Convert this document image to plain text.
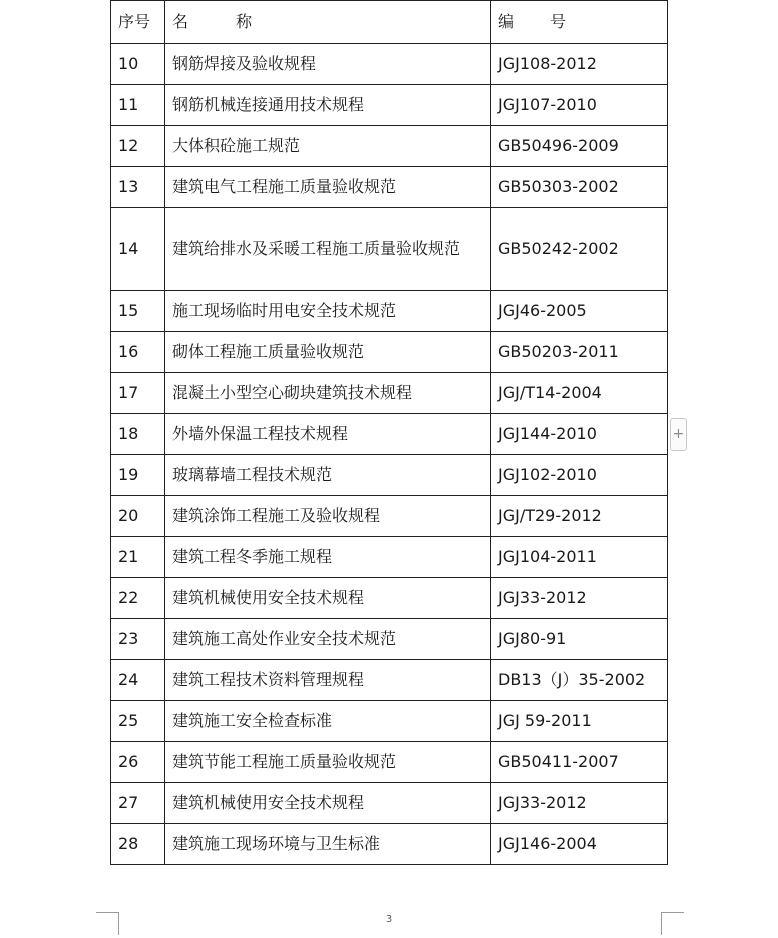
序号	名 称	编 号
10	钢筋焊接及验收规程	JGJ108-2012
11	钢筋机械连接通用技术规程	JGJ107-2010
12	大体积砼施工规范	GB50496-2009
13	建筑电气工程施工质量验收规范	GB50303-2002
14	建筑给排水及采暖工程施工质量验收规范	GB50242-2002
15	施工现场临时用电安全技术规范	JGJ46-2005
16	砌体工程施工质量验收规范	GB50203-2011
17	混凝土小型空心砌块建筑技术规程	JGJ/T14-2004
18	外墙外保温工程技术规程	JGJ144-2010
19	玻璃幕墙工程技术规范	JGJ102-2010
20	建筑涂饰工程施工及验收规程	JGJ/T29-2012
21	建筑工程冬季施工规程	JGJ104-2011
22	建筑机械使用安全技术规程	JGJ33-2012
23	建筑施工高处作业安全技术规范	JGJ80-91
24	建筑工程技术资料管理规程	DB13（J）35-2002
25	建筑施工安全检查标准	JGJ 59-2011
26	建筑节能工程施工质量验收规范	GB50411-2007
27	建筑机械使用安全技术规程	JGJ33-2012
28	建筑施工现场环境与卫生标准	JGJ146-2004
+
3
